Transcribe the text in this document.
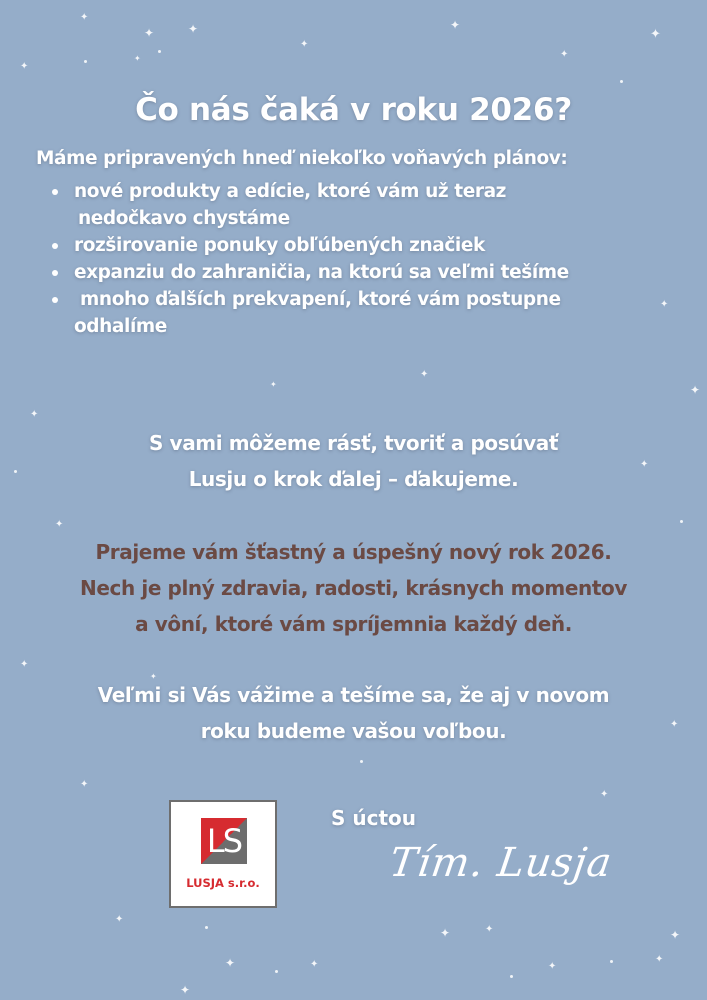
✦
✦	✦
✦
✦
✦
✦
✦
✦
✦
✦
✦
✦
✦
✦
✦
✦
✦
✦
✦
✦
✦
✦
✦	✦
✦	✦
✦
✦
✦
Čo nás čaká v roku 2026?
Máme pripravených hneď niekoľko voňavých plánov:
nové produkty a edície, ktoré vám už teraz
nedočkavo chystáme
rozširovanie ponuky obľúbených značiek
expanziu do zahraničia, na ktorú sa veľmi tešíme
mnoho ďalších prekvapení, ktoré vám postupne
odhalíme
S vami môžeme rásť, tvoriť a posúvať
Lusju o krok ďalej – ďakujeme.
Prajeme vám šťastný a úspešný nový rok 2026.
Nech je plný zdravia, radosti, krásnych momentov
a vôní, ktoré vám spríjemnia každý deň.
Veľmi si Vás vážime a tešíme sa, že aj v novom
roku budeme vašou voľbou.
LS
LUSJA s.r.o.
S úctou
Tím. Lusja
